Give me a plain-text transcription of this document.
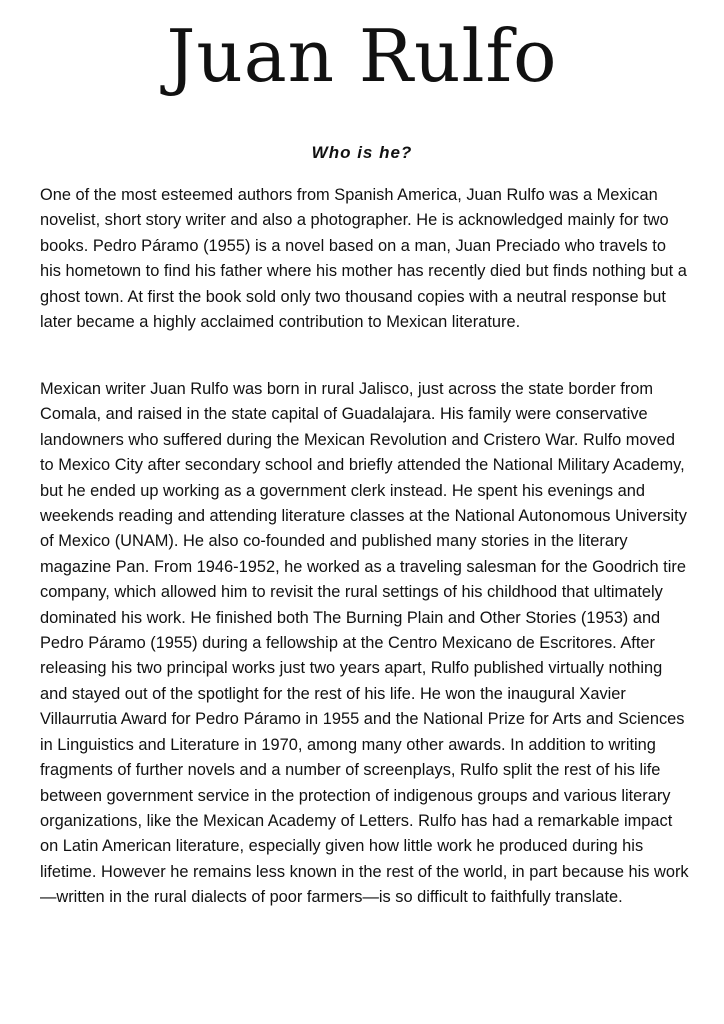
Juan Rulfo
Who is he?

One of the most esteemed authors from Spanish America, Juan Rulfo was a Mexican novelist, short story writer and also a photographer. He is acknowledged mainly for two books. Pedro Páramo (1955) is a novel based on a man, Juan Preciado who travels to his hometown to find his father where his mother has recently died but finds nothing but a ghost town. At first the book sold only two thousand copies with a neutral response but later became a highly acclaimed contribution to Mexican literature.

Mexican writer Juan Rulfo was born in rural Jalisco, just across the state border from Comala, and raised in the state capital of Guadalajara. His family were conservative landowners who suffered during the Mexican Revolution and Cristero War. Rulfo moved to Mexico City after secondary school and briefly attended the National Military Academy, but he ended up working as a government clerk instead. He spent his evenings and weekends reading and attending literature classes at the National Autonomous University of Mexico (UNAM). He also co-founded and published many stories in the literary magazine Pan. From 1946-1952, he worked as a traveling salesman for the Goodrich tire company, which allowed him to revisit the rural settings of his childhood that ultimately dominated his work. He finished both The Burning Plain and Other Stories (1953) and Pedro Páramo (1955) during a fellowship at the Centro Mexicano de Escritores. After releasing his two principal works just two years apart, Rulfo published virtually nothing and stayed out of the spotlight for the rest of his life. He won the inaugural Xavier Villaurrutia Award for Pedro Páramo in 1955 and the National Prize for Arts and Sciences in Linguistics and Literature in 1970, among many other awards. In addition to writing fragments of further novels and a number of screenplays, Rulfo split the rest of his life between government service in the protection of indigenous groups and various literary organizations, like the Mexican Academy of Letters. Rulfo has had a remarkable impact on Latin American literature, especially given how little work he produced during his lifetime. However he remains less known in the rest of the world, in part because his work—written in the rural dialects of poor farmers—is so difficult to faithfully translate.
